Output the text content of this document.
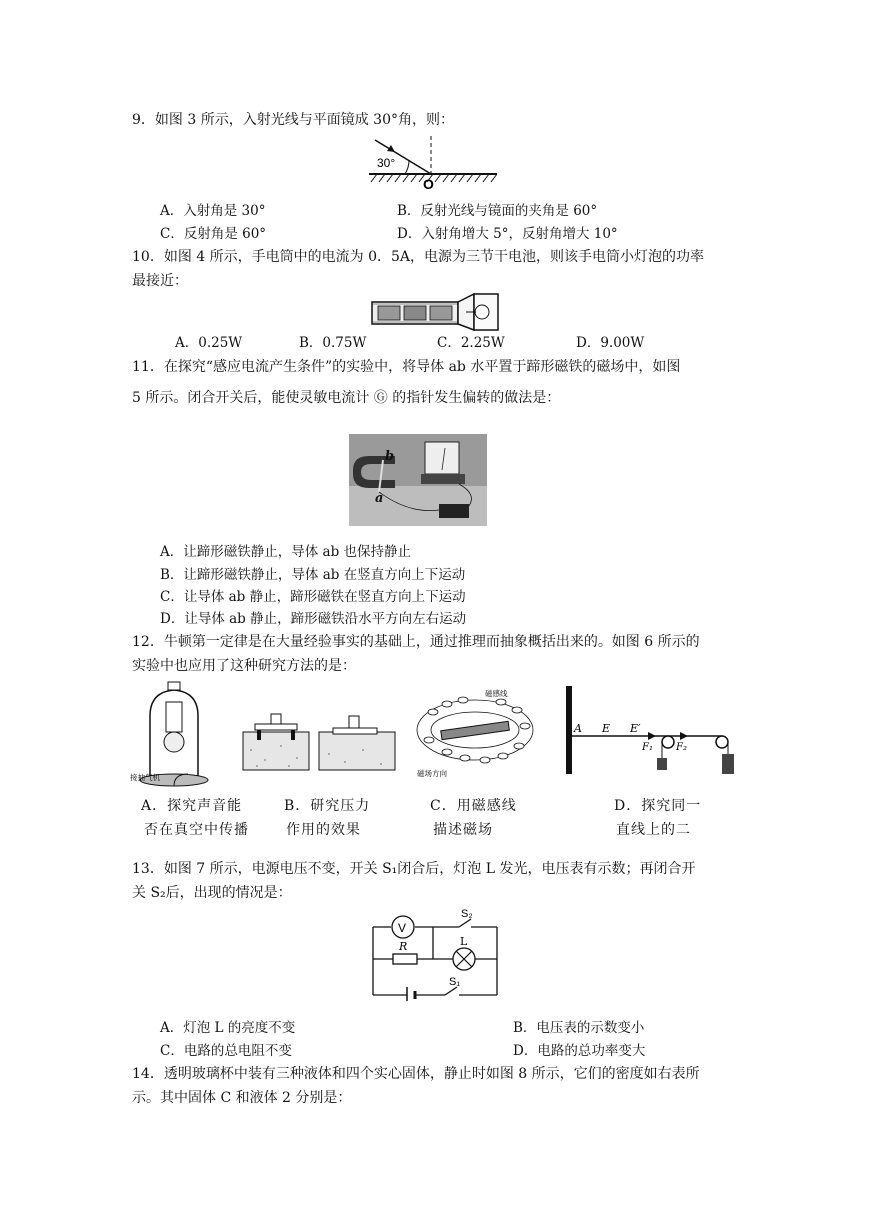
9．如图 3 所示，入射光线与平面镜成 30°角，则：
30°
O
A．入射角是 30°	B．反射光线与镜面的夹角是 60°
C．反射角是 60°	D．入射角增大 5°，反射角增大 10°
10．如图 4 所示，手电筒中的电流为 0．5A，电源为三节干电池，则该手电筒小灯泡的功率
最接近：
A．0.25W	B．0.75W	C．2.25W	D．9.00W
11．在探究“感应电流产生条件”的实验中，将导体 ab 水平置于蹄形磁铁的磁场中，如图
5 所示。闭合开关后，能使灵敏电流计 Ⓖ 的指针发生偏转的做法是：
b
a
A．让蹄形磁铁静止，导体 ab 也保持静止
B．让蹄形磁铁静止，导体 ab 在竖直方向上下运动
C．让导体 ab 静止，蹄形磁铁在竖直方向上下运动
D．让导体 ab 静止，蹄形磁铁沿水平方向左右运动
12．牛顿第一定律是在大量经验事实的基础上，通过推理而抽象概括出来的。如图 6 所示的
实验中也应用了这种研究方法的是：
接抽气机
磁感线
磁场方向
A E E′
F₁ F₂
A．探究声音能
否在真空中传播
B．研究压力
作用的效果
C．用磁感线
描述磁场
D．探究同一
直线上的二
13．如图 7 所示，电源电压不变，开关 S₁闭合后，灯泡 L 发光，电压表有示数；再闭合开
关 S₂后，出现的情况是：
V
R	L
S₂
S₁
A．灯泡 L 的亮度不变	B．电压表的示数变小
C．电路的总电阻不变	D．电路的总功率变大
14．透明玻璃杯中装有三种液体和四个实心固体，静止时如图 8 所示，它们的密度如右表所
示。其中固体 C 和液体 2 分别是：
